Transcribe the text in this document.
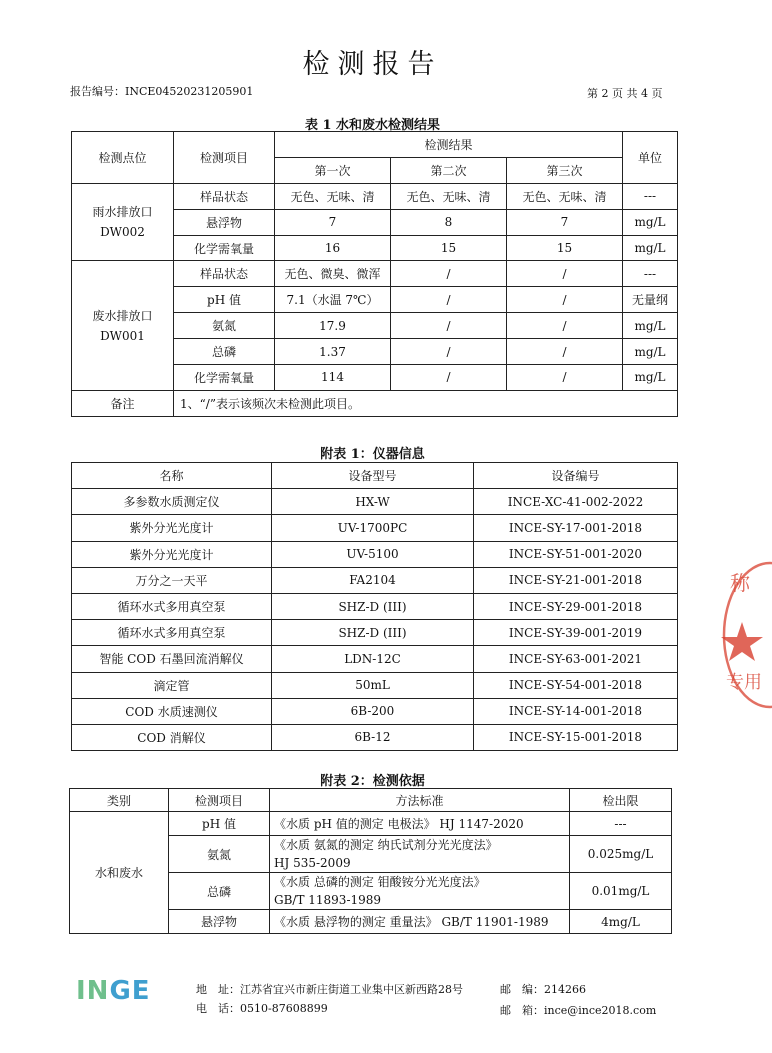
检测报告
报告编号：INCE04520231205901	第 2 页 共 4 页
表 1 水和废水检测结果
检测点位	检测项目	检测结果			单位
		第一次	第二次	第三次	
雨水排放口
DW002	样品状态	无色、无味、清	无色、无味、清	无色、无味、清	---
	悬浮物	7	8	7	mg/L
	化学需氧量	16	15	15	mg/L
废水排放口
DW001	样品状态	无色、微臭、微浑	/	/	---
	pH 值	7.1（水温 7℃）	/	/	无量纲
	氨氮	17.9	/	/	mg/L
	总磷	1.37	/	/	mg/L
	化学需氧量	114	/	/	mg/L
备注	1、“/”表示该频次未检测此项目。				
附表 1：仪器信息
名称	设备型号	设备编号
多参数水质测定仪	HX-W	INCE-XC-41-002-2022
紫外分光光度计	UV-1700PC	INCE-SY-17-001-2018
紫外分光光度计	UV-5100	INCE-SY-51-001-2020
万分之一天平	FA2104	INCE-SY-21-001-2018
循环水式多用真空泵	SHZ-D (III)	INCE-SY-29-001-2018
循环水式多用真空泵	SHZ-D (III)	INCE-SY-39-001-2019
智能 COD 石墨回流消解仪	LDN-12C	INCE-SY-63-001-2021
滴定管	50mL	INCE-SY-54-001-2018
COD 水质速测仪	6B-200	INCE-SY-14-001-2018
COD 消解仪	6B-12	INCE-SY-15-001-2018
附表 2：检测依据
类别	检测项目	方法标准	检出限
水和废水	pH 值	《水质 pH 值的测定 电极法》 HJ 1147-2020	---
	氨氮	《水质 氨氮的测定 纳氏试剂分光光度法》
HJ 535-2009	0.025mg/L
	总磷	《水质 总磷的测定 钼酸铵分光光度法》
GB/T 11893-1989	0.01mg/L
	悬浮物	《水质 悬浮物的测定 重量法》 GB/T 11901-1989	4mg/L
INGE	地　址：江苏省宜兴市新庄街道工业集中区新西路28号	邮　编：214266
电　话：0510-87608899	邮　箱：ince@ince2018.com
称
专用
